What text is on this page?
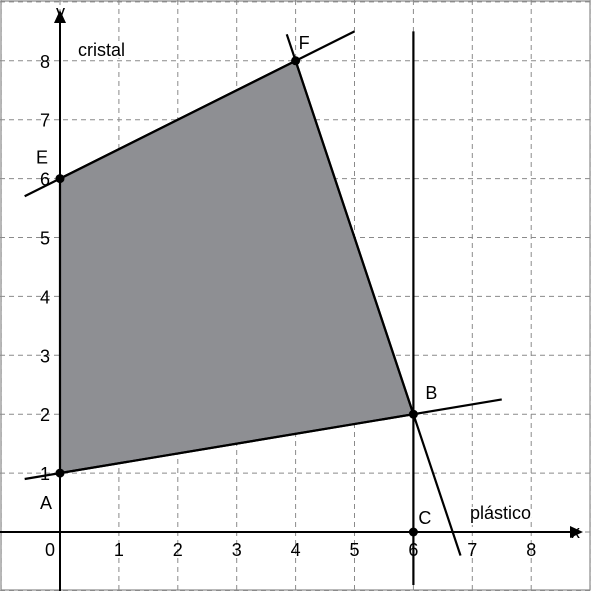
1	2	3	4	5	6	7	8
1
2
3
4
5
6
7
8
A
B
F
E
C
x
y
plástico
cristal
0
